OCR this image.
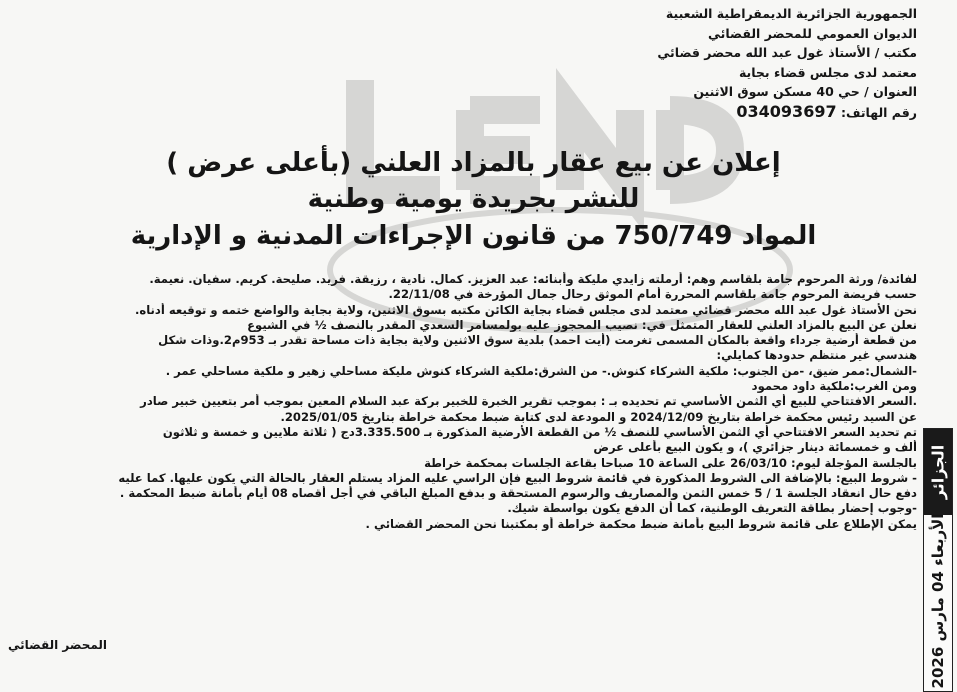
الجمهورية الجزائرية الديمقراطية الشعبية
الديوان العمومي للمحضر القضائي
مكتب / الأستاذ غول عبد الله محضر قضائي
معتمد لدى مجلس قضاء بجاية
العنوان / حي 40 مسكن سوق الاثنين
رقم الهاتف: 034093697
إعلان عن بيع عقار بالمزاد العلني (بأعلى عرض )
للنشر بجريدة يومية وطنية
المواد 750/749 من قانون الإجراءات المدنية و الإدارية

لفائدة/ ورثة المرحوم جامة بلقاسم وهم: أرملته زايدي مليكة وأبنائه: عبد العزيز. كمال. نادية ، رزيقة. فريد. صليحة. كريم. سفيان. نعيمة.

حسب فريضة المرحوم جامة بلقاسم المحررة أمام الموثق رحال جمال المؤرخة في 22/11/08.

نحن الأستاذ غول عبد الله محضر قضائي معتمد لدى مجلس قضاء بجاية الكائن مكتبه بسوق الاثنين، ولاية بجاية والواضع ختمه و توقيعه أدناه.

نعلن عن البيع بالمزاد العلني للعقار المتمثل في: نصيب المحجوز عليه بولمسامر السعدي المقدر بالنصف ½ في الشيوع

من قطعة أرضية جرداء واقعة بالمكان المسمى تغرمت (أيت احمد) بلدية سوق الاثنين ولاية بجاية ذات مساحة تقدر بـ 953م2.وذات شكل

هندسي غير منتظم حدودها كمايلي:

-الشمال:ممر ضيق، -من الجنوب: ملكية الشركاء كنوش.- من الشرق:ملكية الشركاء كنوش مليكة مساحلي زهير و ملكية مساحلي عمر .

ومن الغرب:ملكية داود محمود

.السعر الافتتاحي للبيع أي الثمن الأساسي تم تحديده بـ : بموجب تقرير الخبرة للخبير بركة عبد السلام المعين بموجب أمر بتعيين خبير صادر

عن السيد رئيس محكمة خراطة بتاريخ 2024/12/09 و المودعة لدى كتابة ضبط محكمة خراطة بتاريخ 2025/01/05.

تم تحديد السعر الافتتاحي أي الثمن الأساسي للنصف ½ من القطعة الأرضية المذكورة بـ 3.335.500دج ( ثلاثة ملايين و خمسة و ثلاثون

ألف و خمسمائة دينار جزائري )، و يكون البيع بأعلى عرض

بالجلسة المؤجلة ليوم: 26/03/10 على الساعة 10 صباحا بقاعة الجلسات بمحكمة خراطة

- شروط البيع: بالإضافة الى الشروط المذكورة في قائمة شروط البيع فإن الراسي عليه المزاد يستلم العقار بالحالة التي يكون عليها. كما عليه

دفع حال انعقاد الجلسة 1 / 5 خمس الثمن والمصاريف والرسوم المستحقة و بدفع المبلغ الباقي في أجل أقصاه 08 أيام بأمانة ضبط المحكمة .

-وجوب إحضار بطاقة التعريف الوطنية، كما أن الدفع يكون بواسطة شيك.

يمكن الإطلاع على قائمة شروط البيع بأمانة ضبط محكمة خراطة أو بمكتبنا نحن المحضر القضائي .

المحضر القضائي
الجزائر
الأربعاء 04 مارس 2026
